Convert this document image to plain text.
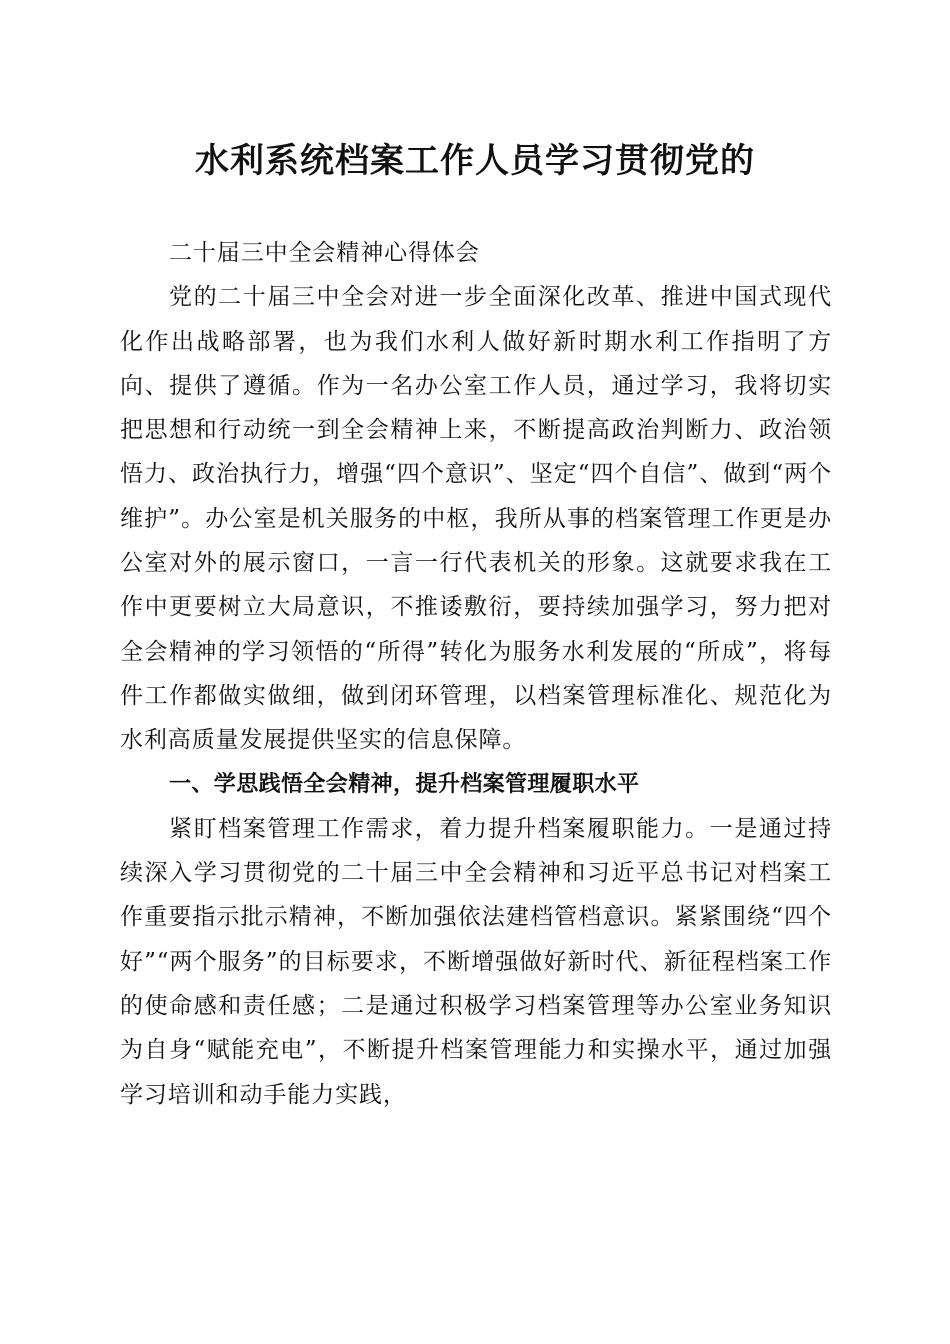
水利系统档案工作人员学习贯彻党的

二十届三中全会精神心得体会

党的二十届三中全会对进一步全面深化改革、推进中国式现代化作出战略部署，也为我们水利人做好新时期水利工作指明了方向、提供了遵循。作为一名办公室工作人员，通过学习，我将切实把思想和行动统一到全会精神上来，不断提高政治判断力、政治领悟力、政治执行力，增强“四个意识”、坚定“四个自信”、做到“两个维护”。办公室是机关服务的中枢，我所从事的档案管理工作更是办公室对外的展示窗口，一言一行代表机关的形象。这就要求我在工作中更要树立大局意识，不推诿敷衍，要持续加强学习，努力把对全会精神的学习领悟的“所得”转化为服务水利发展的“所成”，将每件工作都做实做细，做到闭环管理，以档案管理标准化、规范化为水利高质量发展提供坚实的信息保障。

一、学思践悟全会精神，提升档案管理履职水平

紧盯档案管理工作需求，着力提升档案履职能力。一是通过持续深入学习贯彻党的二十届三中全会精神和习近平总书记对档案工作重要指示批示精神，不断加强依法建档管档意识。紧紧围绕“四个好”“两个服务”的目标要求，不断增强做好新时代、新征程档案工作的使命感和责任感；二是通过积极学习档案管理等办公室业务知识为自身“赋能充电”，不断提升档案管理能力和实操水平，通过加强学习培训和动手能力实践，
